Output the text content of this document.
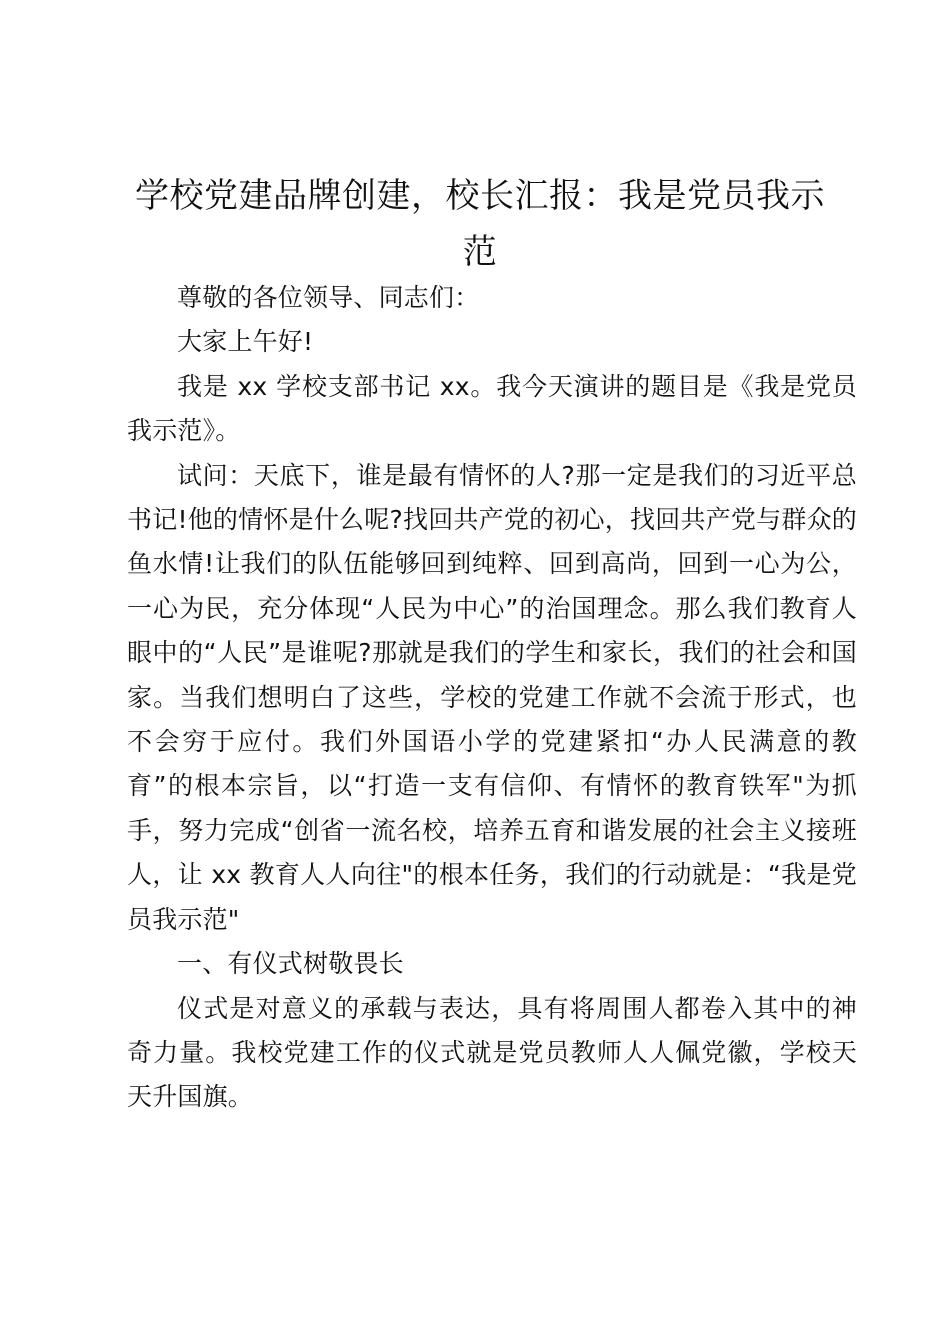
学校党建品牌创建，校长汇报：我是党员我示范

尊敬的各位领导、同志们：

大家上午好!

我是 xx 学校支部书记 xx。我今天演讲的题目是《我是党员我示范》。

试问：天底下，谁是最有情怀的人?那一定是我们的习近平总书记!他的情怀是什么呢?找回共产党的初心，找回共产党与群众的鱼水情!让我们的队伍能够回到纯粹、回到高尚，回到一心为公，一心为民，充分体现“人民为中心”的治国理念。那么我们教育人眼中的“人民”是谁呢?那就是我们的学生和家长，我们的社会和国家。当我们想明白了这些，学校的党建工作就不会流于形式，也不会穷于应付。我们外国语小学的党建紧扣“办人民满意的教育”的根本宗旨，以“打造一支有信仰、有情怀的教育铁军"为抓手，努力完成“创省一流名校，培养五育和谐发展的社会主义接班人，让 xx 教育人人向往"的根本任务，我们的行动就是：“我是党员我示范"

一、有仪式树敬畏长

仪式是对意义的承载与表达，具有将周围人都卷入其中的神奇力量。我校党建工作的仪式就是党员教师人人佩党徽，学校天天升国旗。
